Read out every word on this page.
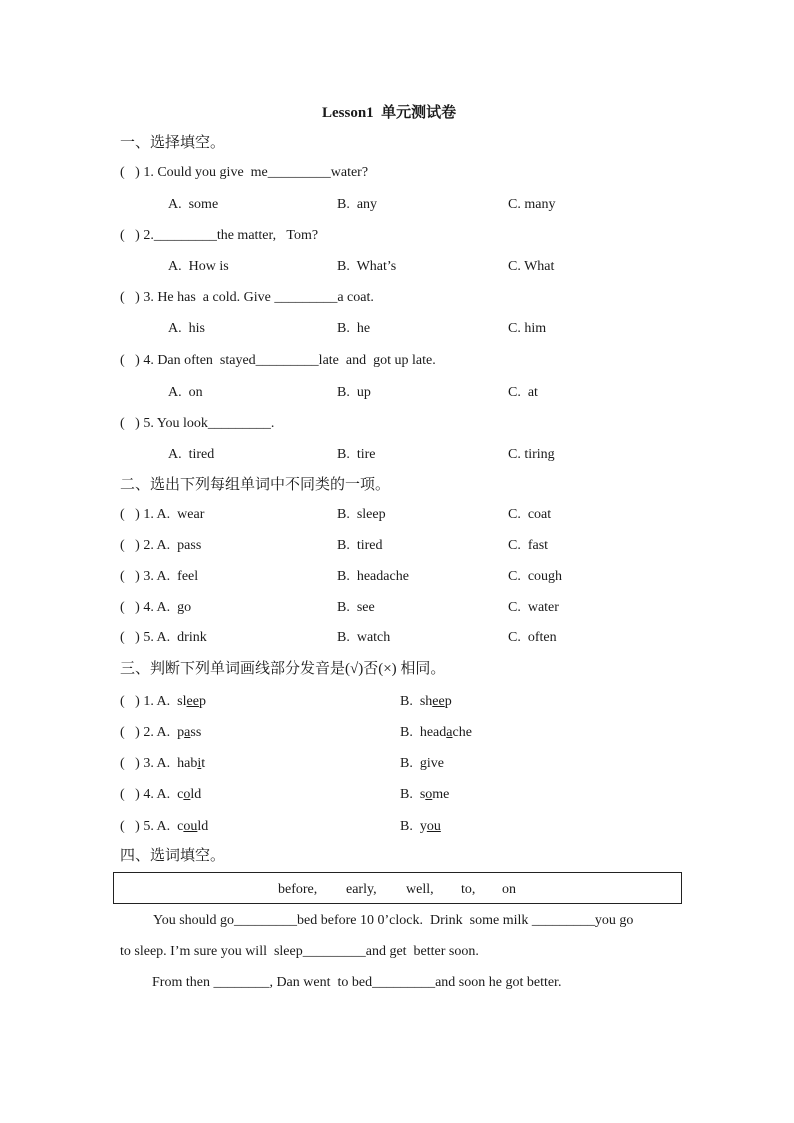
Lesson1  单元测试卷
一、选择填空。
(   ) 1. Could you give  me_________water?
A.  some	B.  any	C. many
(   ) 2._________the matter,   Tom?
A.  How is	B.  What’s	C. What
(   ) 3. He has  a cold. Give _________a coat.
A.  his	B.  he	C. him
(   ) 4. Dan often  stayed_________late  and  got up late.
A.  on	B.  up	C.  at
(   ) 5. You look_________.
A.  tired	B.  tire	C. tiring
二、选出下列每组单词中不同类的一项。
(   ) 1. A.  wear	B.  sleep	C.  coat
(   ) 2. A.  pass	B.  tired	C.  fast
(   ) 3. A.  feel	B.  headache	C.  cough
(   ) 4. A.  go	B.  see	C.  water
(   ) 5. A.  drink	B.  watch	C.  often
三、判断下列单词画线部分发音是(√)否(×) 相同。
(   ) 1. A.  sleep	B.  sheep
(   ) 2. A.  pass	B.  headache
(   ) 3. A.  habit	B.  give
(   ) 4. A.  cold	B.  some
(   ) 5. A.  could	B.  you
四、选词填空。
before, early, well, to, on
You should go_________bed before 10 0’clock.  Drink  some milk _________you go
to sleep. I’m sure you will  sleep_________and get  better soon.
From then ________, Dan went  to bed_________and soon he got better.
